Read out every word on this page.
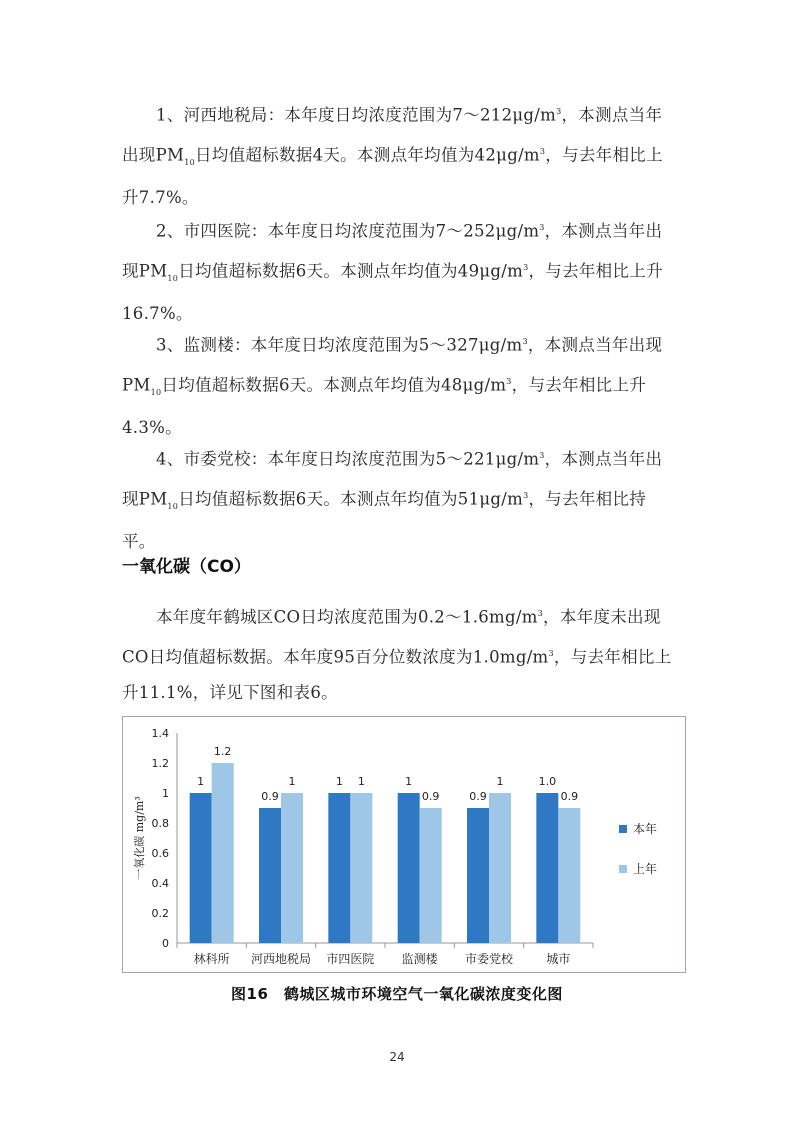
1、河西地税局：本年度日均浓度范围为$7\sim 212\mu g/m^3$，本测点当年出现$PM_{10}$日均值超标数据4天。本测点年均值为$42\mu g/m^3$，与去年相比上升7.7%。

2、市四医院：本年度日均浓度范围为$7\sim 252\mu g/m^3$，本测点当年出现$PM_{10}$日均值超标数据6天。本测点年均值为$49\mu g/m^3$，与去年相比上升16.7%。

3、监测楼：本年度日均浓度范围为$5\sim 327\mu g/m^3$，本测点当年出现$PM_{10}$日均值超标数据6天。本测点年均值为$48\mu g/m^3$，与去年相比上升4.3%。

4、市委党校：本年度日均浓度范围为$5\sim 221\mu g/m^3$，本测点当年出现$PM_{10}$日均值超标数据6天。本测点年均值为$51\mu g/m^3$，与去年相比持平。

一氧化碳（CO）

本年度年鹤城区CO日均浓度范围为$0.2\sim 1.6mg/m^3$，本年度未出现CO日均值超标数据。本年度95百分位数浓度为$1.0mg/m^3$，与去年相比上升11.1%，详见下图和表6。

0
0.2
0.4
0.6
0.8
1
1.2
1.4
一氧化碳 mg/m³
1
1.2
林科所
0.9
1
河西地税局
1 1
市四医院
1
0.9
监测楼
0.9
1
市委党校
1.0
0.9
城市
本年
上年

图16　鹤城区城市环境空气一氧化碳浓度变化图

24
